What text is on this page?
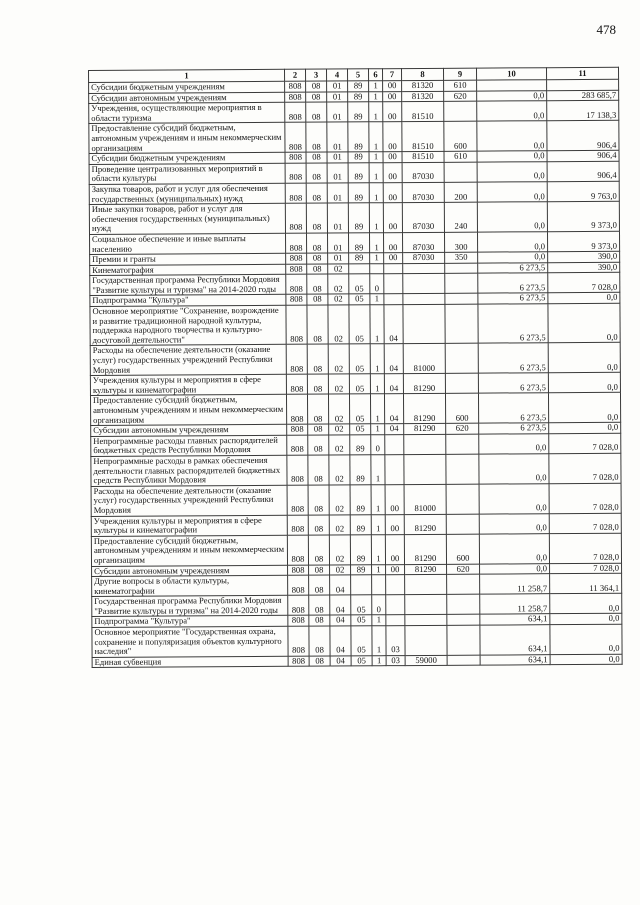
478
1	2	3	4	5	6	7	8	9	10	11
Субсидии бюджетным учреждениям	808	08	01	89	1	00	81320	610		
Субсидии автономным учреждениям	808	08	01	89	1	00	81320	620	0,0	283 685,7
Учреждения, осуществляющие мероприятия в области туризма	808	08	01	89	1	00	81510		0,0	17 138,3
Предоставление субсидий бюджетным, автономным учреждениям и иным некоммерческим организациям	808	08	01	89	1	00	81510	600	0,0	906,4
Субсидии бюджетным учреждениям	808	08	01	89	1	00	81510	610	0,0	906,4
Проведение централизованных мероприятий в области культуры	808	08	01	89	1	00	87030		0,0	906,4
Закупка товаров, работ и услуг для обеспечения государственных (муниципальных) нужд	808	08	01	89	1	00	87030	200	0,0	9 763,0
Иные закупки товаров, работ и услуг для обеспечения государственных (муниципальных) нужд	808	08	01	89	1	00	87030	240	0,0	9 373,0
Социальное обеспечение и иные выплаты населению	808	08	01	89	1	00	87030	300	0,0	9 373,0
Премии и гранты	808	08	01	89	1	00	87030	350	0,0	390,0
Кинематография	808	08	02						6 273,5	390,0
Государственная программа Республики Мордовия "Развитие культуры и туризма" на 2014-2020 годы	808	08	02	05	0				6 273,5	7 028,0
Подпрограмма "Культура"	808	08	02	05	1				6 273,5	0,0
Основное мероприятие "Сохранение, возрождение и развитие традиционной народной культуры, поддержка народного творчества и культурно-досуговой деятельности"	808	08	02	05	1	04			6 273,5	0,0
Расходы на обеспечение деятельности (оказание услуг) государственных учреждений Республики Мордовия	808	08	02	05	1	04	81000		6 273,5	0,0
Учреждения культуры и мероприятия в сфере культуры и кинематографии	808	08	02	05	1	04	81290		6 273,5	0,0
Предоставление субсидий бюджетным, автономным учреждениям и иным некоммерческим организациям	808	08	02	05	1	04	81290	600	6 273,5	0,0
Субсидии автономным учреждениям	808	08	02	05	1	04	81290	620	6 273,5	0,0
Непрограммные расходы главных распорядителей бюджетных средств Республики Мордовия	808	08	02	89	0				0,0	7 028,0
Непрограммные расходы в рамках обеспечения деятельности главных распорядителей бюджетных средств Республики Мордовия	808	08	02	89	1				0,0	7 028,0
Расходы на обеспечение деятельности (оказание услуг) государственных учреждений Республики Мордовия	808	08	02	89	1	00	81000		0,0	7 028,0
Учреждения культуры и мероприятия в сфере культуры и кинематографии	808	08	02	89	1	00	81290		0,0	7 028,0
Предоставление субсидий бюджетным, автономным учреждениям и иным некоммерческим организациям	808	08	02	89	1	00	81290	600	0,0	7 028,0
Субсидии автономным учреждениям	808	08	02	89	1	00	81290	620	0,0	7 028,0
Другие вопросы в области культуры, кинематографии	808	08	04						11 258,7	11 364,1
Государственная программа Республики Мордовия "Развитие культуры и туризма" на 2014-2020 годы	808	08	04	05	0				11 258,7	0,0
Подпрограмма "Культура"	808	08	04	05	1				634,1	0,0
Основное мероприятие "Государственная охрана, сохранение и популяризация объектов культурного наследия"	808	08	04	05	1	03			634,1	0,0
Единая субвенция	808	08	04	05	1	03	59000		634,1	0,0
